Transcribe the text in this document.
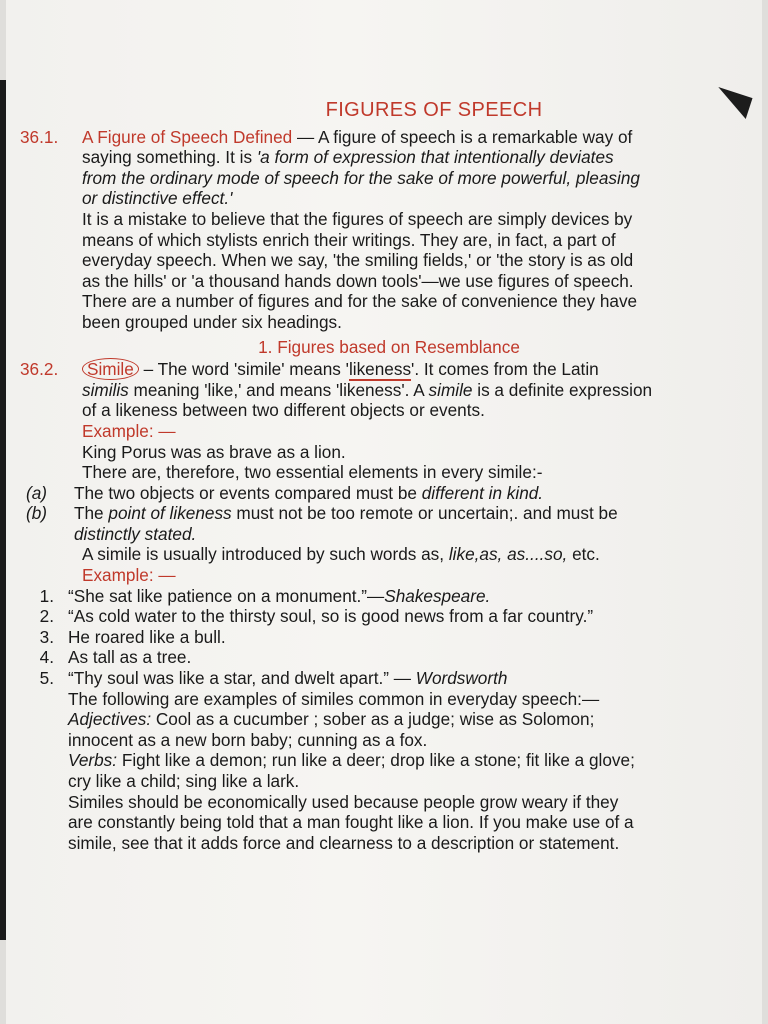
FIGURES OF SPEECH
36.1. A Figure of Speech Defined — A figure of speech is a remarkable way of
saying something. It is 'a form of expression that intentionally deviates
from the ordinary mode of speech for the sake of more powerful, pleasing
or distinctive effect.'
It is a mistake to believe that the figures of speech are simply devices by
means of which stylists enrich their writings. They are, in fact, a part of
everyday speech. When we say, 'the smiling fields,' or 'the story is as old
as the hills' or 'a thousand hands down tools'—we use figures of speech.
There are a number of figures and for the sake of convenience they have
been grouped under six headings.
1. Figures based on Resemblance
36.2. Simile – The word 'simile' means 'likeness'. It comes from the Latin
similis meaning 'like,' and means 'likeness'. A simile is a definite expression
of a likeness between two different objects or events.
Example: —
King Porus was as brave as a lion.
There are, therefore, two essential elements in every simile:-
(a)	The two objects or events compared must be different in kind.
(b) The point of likeness must not be too remote or uncertain;. and must be
distinctly stated.
A simile is usually introduced by such words as, like,as, as....so, etc.
Example: —
1. “She sat like patience on a monument.”—Shakespeare.
2. “As cold water to the thirsty soul, so is good news from a far country.”
3. He roared like a bull.
4. As tall as a tree.
5. “Thy soul was like a star, and dwelt apart.” — Wordsworth
The following are examples of similes common in everyday speech:—
Adjectives: Cool as a cucumber ; sober as a judge; wise as Solomon;
innocent as a new born baby; cunning as a fox.
Verbs: Fight like a demon; run like a deer; drop like a stone; fit like a glove;
cry like a child; sing like a lark.
Similes should be economically used because people grow weary if they
are constantly being told that a man fought like a lion. If you make use of a
simile, see that it adds force and clearness to a description or statement.
